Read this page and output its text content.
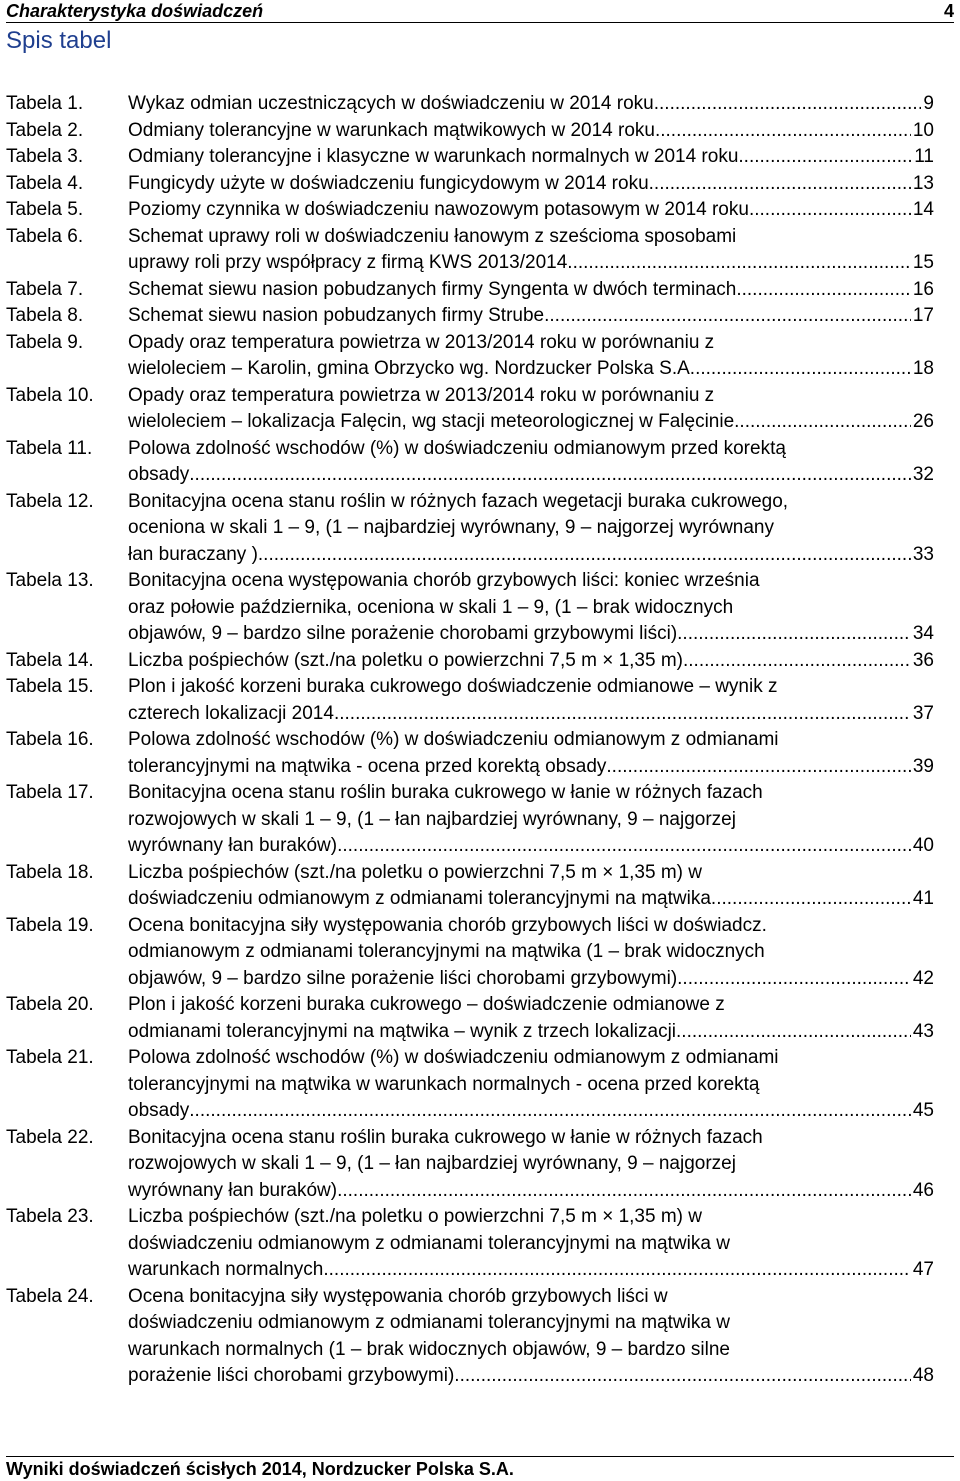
Charakterystyka doświadczeń	4
Spis tabel
Tabela 1.	Wykaz odmian uczestniczących w doświadczeniu w 2014 roku .....	9
Tabela 2.	Odmiany tolerancyjne w warunkach mątwikowych w 2014 roku .....	10
Tabela 3.	Odmiany tolerancyjne i klasyczne w warunkach normalnych w 2014 roku .....	11
Tabela 4.	Fungicydy użyte w doświadczeniu fungicydowym w 2014 roku .....	13
Tabela 5.	Poziomy czynnika w doświadczeniu nawozowym potasowym w 2014 roku .....	14
Tabela 6.	Schemat uprawy roli w doświadczeniu łanowym z sześcioma sposobami
uprawy roli przy współpracy z firmą KWS 2013/2014 .....	15
Tabela 7.	Schemat siewu nasion pobudzanych firmy Syngenta w dwóch terminach .....	16
Tabela 8.	Schemat siewu nasion pobudzanych firmy Strube .....	17
Tabela 9.	Opady oraz temperatura powietrza w 2013/2014 roku w porównaniu z
wieloleciem – Karolin, gmina Obrzycko wg. Nordzucker Polska S.A. .....	18
Tabela 10.	Opady oraz temperatura powietrza w 2013/2014 roku w porównaniu z
wieloleciem – lokalizacja Falęcin, wg stacji meteorologicznej w Falęcinie .....	26
Tabela 11.	Polowa zdolność wschodów (%) w doświadczeniu odmianowym przed korektą
obsady .....	32
Tabela 12.	Bonitacyjna ocena stanu roślin w różnych fazach wegetacji buraka cukrowego,
oceniona w skali 1 – 9, (1 – najbardziej wyrównany, 9 – najgorzej wyrównany
łan buraczany ) .....	33
Tabela 13.	Bonitacyjna ocena występowania chorób grzybowych liści: koniec września
oraz połowie października, oceniona w skali 1 – 9, (1 – brak widocznych
objawów, 9 – bardzo silne porażenie chorobami grzybowymi liści) .....	34
Tabela 14.	Liczba pośpiechów (szt./na poletku o powierzchni 7,5 m × 1,35 m) .....	36
Tabela 15.	Plon i jakość korzeni buraka cukrowego doświadczenie odmianowe – wynik z
czterech lokalizacji 2014 .....	37
Tabela 16.	Polowa zdolność wschodów (%) w doświadczeniu odmianowym z odmianami
tolerancyjnymi na mątwika - ocena przed korektą obsady .....	39
Tabela 17.	Bonitacyjna ocena stanu roślin buraka cukrowego w łanie w różnych fazach
rozwojowych w skali 1 – 9, (1 – łan najbardziej wyrównany, 9 – najgorzej
wyrównany łan buraków) .....	40
Tabela 18.	Liczba pośpiechów (szt./na poletku o powierzchni 7,5 m × 1,35 m) w
doświadczeniu odmianowym z odmianami tolerancyjnymi na mątwika .....	41
Tabela 19.	Ocena bonitacyjna siły występowania chorób grzybowych liści w doświadcz.
odmianowym z odmianami tolerancyjnymi na mątwika (1 – brak widocznych
objawów, 9 – bardzo silne porażenie liści chorobami grzybowymi) .....	42
Tabela 20.	Plon i jakość korzeni buraka cukrowego – doświadczenie odmianowe z
odmianami tolerancyjnymi na mątwika – wynik z trzech lokalizacji .....	43
Tabela 21.	Polowa zdolność wschodów (%) w doświadczeniu odmianowym z odmianami
tolerancyjnymi na mątwika w warunkach normalnych - ocena przed korektą
obsady .....	45
Tabela 22.	Bonitacyjna ocena stanu roślin buraka cukrowego w łanie w różnych fazach
rozwojowych w skali 1 – 9, (1 – łan najbardziej wyrównany, 9 – najgorzej
wyrównany łan buraków) .....	46
Tabela 23.	Liczba pośpiechów (szt./na poletku o powierzchni 7,5 m × 1,35 m) w
doświadczeniu odmianowym z odmianami tolerancyjnymi na mątwika w
warunkach normalnych .....	47
Tabela 24.	Ocena bonitacyjna siły występowania chorób grzybowych liści w
doświadczeniu odmianowym z odmianami tolerancyjnymi na mątwika w
warunkach normalnych (1 – brak widocznych objawów, 9 – bardzo silne
porażenie liści chorobami grzybowymi) .....	48
Wyniki doświadczeń ścisłych 2014, Nordzucker Polska S.A.
